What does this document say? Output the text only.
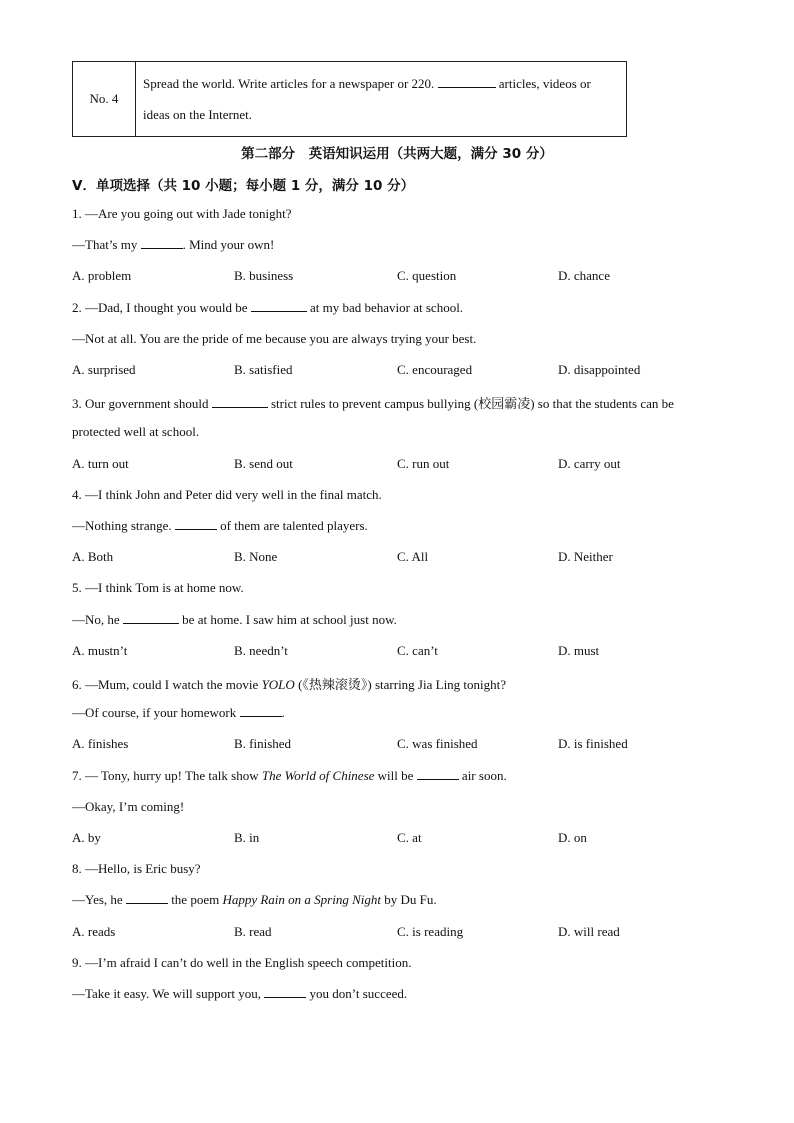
No. 4	Spread the world. Write articles for a newspaper or 220.	articles, videos or ideas on the Internet.
第二部分　英语知识运用（共两大题，满分 30 分）
V．单项选择（共 10 小题；每小题 1 分，满分 10 分）
1. —Are you going out with Jade tonight?
—That’s my	. Mind your own!
A. problem	B. business	C. question	D. chance
2. —Dad, I thought you would be	at my bad behavior at school.
—Not at all. You are the pride of me because you are always trying your best.
A. surprised	B. satisfied	C. encouraged	D. disappointed
3. Our government should	strict rules to prevent campus bullying (校园霸凌) so that the students can be
protected well at school.
A. turn out	B. send out	C. run out	D. carry out
4. —I think John and Peter did very well in the final match.
—Nothing strange.	of them are talented players.
A. Both	B. None	C. All	D. Neither
5. —I think Tom is at home now.
—No, he	be at home. I saw him at school just now.
A. mustn’t	B. needn’t	C. can’t	D. must
6. —Mum, could I watch the movie YOLO (《热辣滚烫》) starring Jia Ling tonight?
—Of course, if your homework	.
A. finishes	B. finished	C. was finished	D. is finished
7. — Tony, hurry up! The talk show The World of Chinese will be	air soon.
—Okay, I’m coming!
A. by	B. in	C. at	D. on
8. —Hello, is Eric busy?
—Yes, he	the poem Happy Rain on a Spring Night by Du Fu.
A. reads	B. read	C. is reading	D. will read
9. —I’m afraid I can’t do well in the English speech competition.
—Take it easy. We will support you,	you don’t succeed.
